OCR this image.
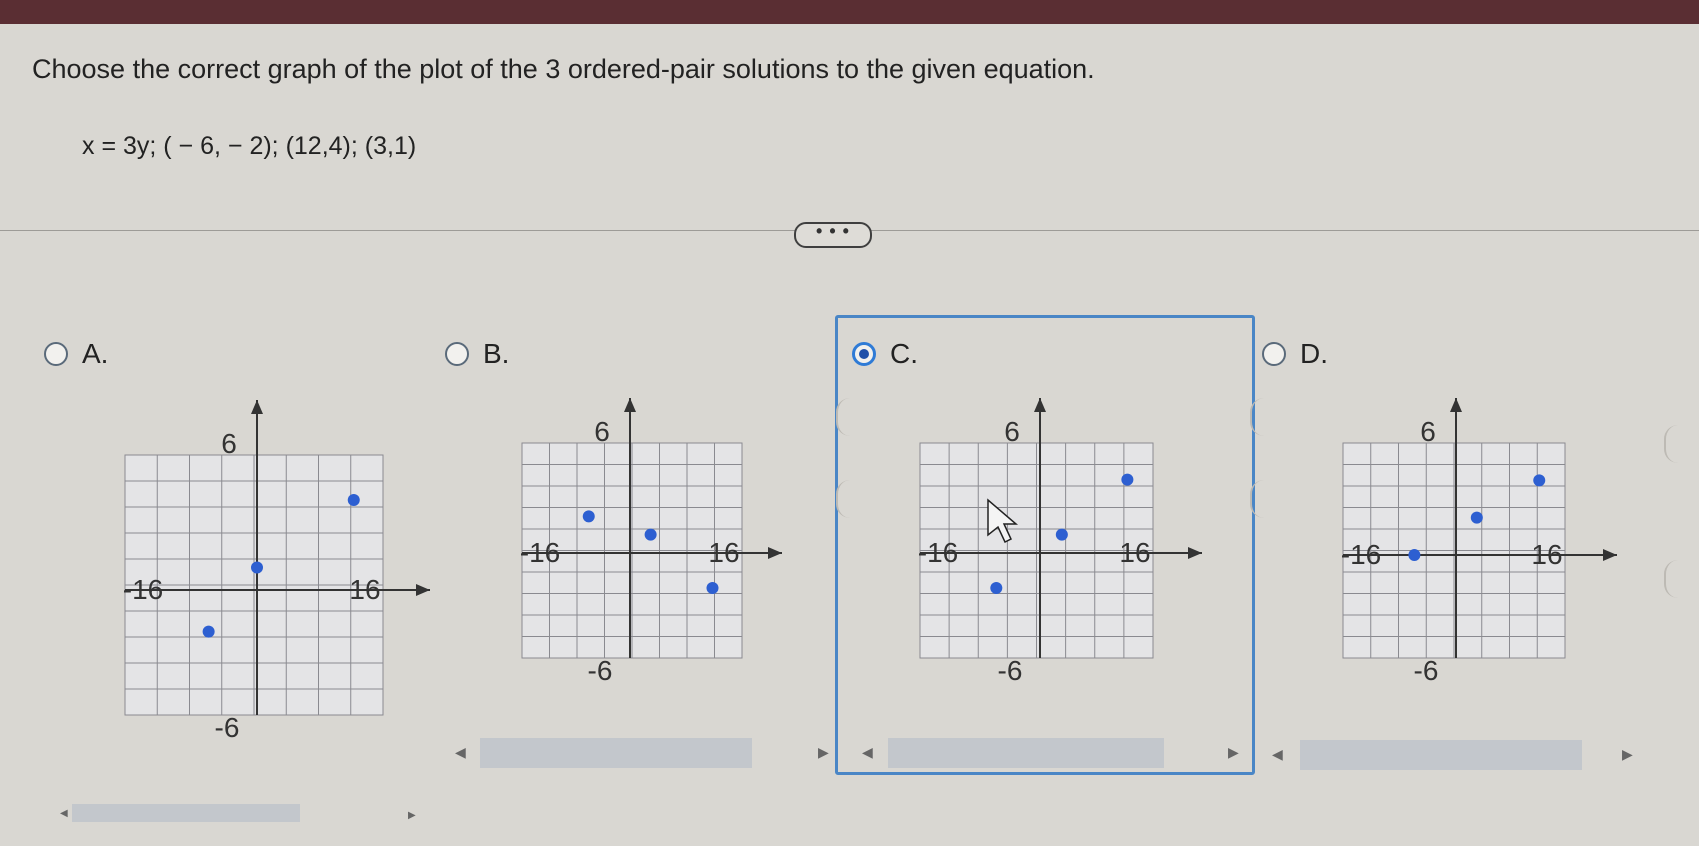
Choose the correct graph of the plot of the 3 ordered-pair solutions to the given equation.
x = 3y; ( − 6, − 2); (12,4); (3,1)
• • •
A.	B.	C.	D.
-16	16
6
-6
-16	16
6
-6
-16	16
6
-6
-16	16
6
-6
◀	▶ ◀	▶ ◀	▶
◀	▶
